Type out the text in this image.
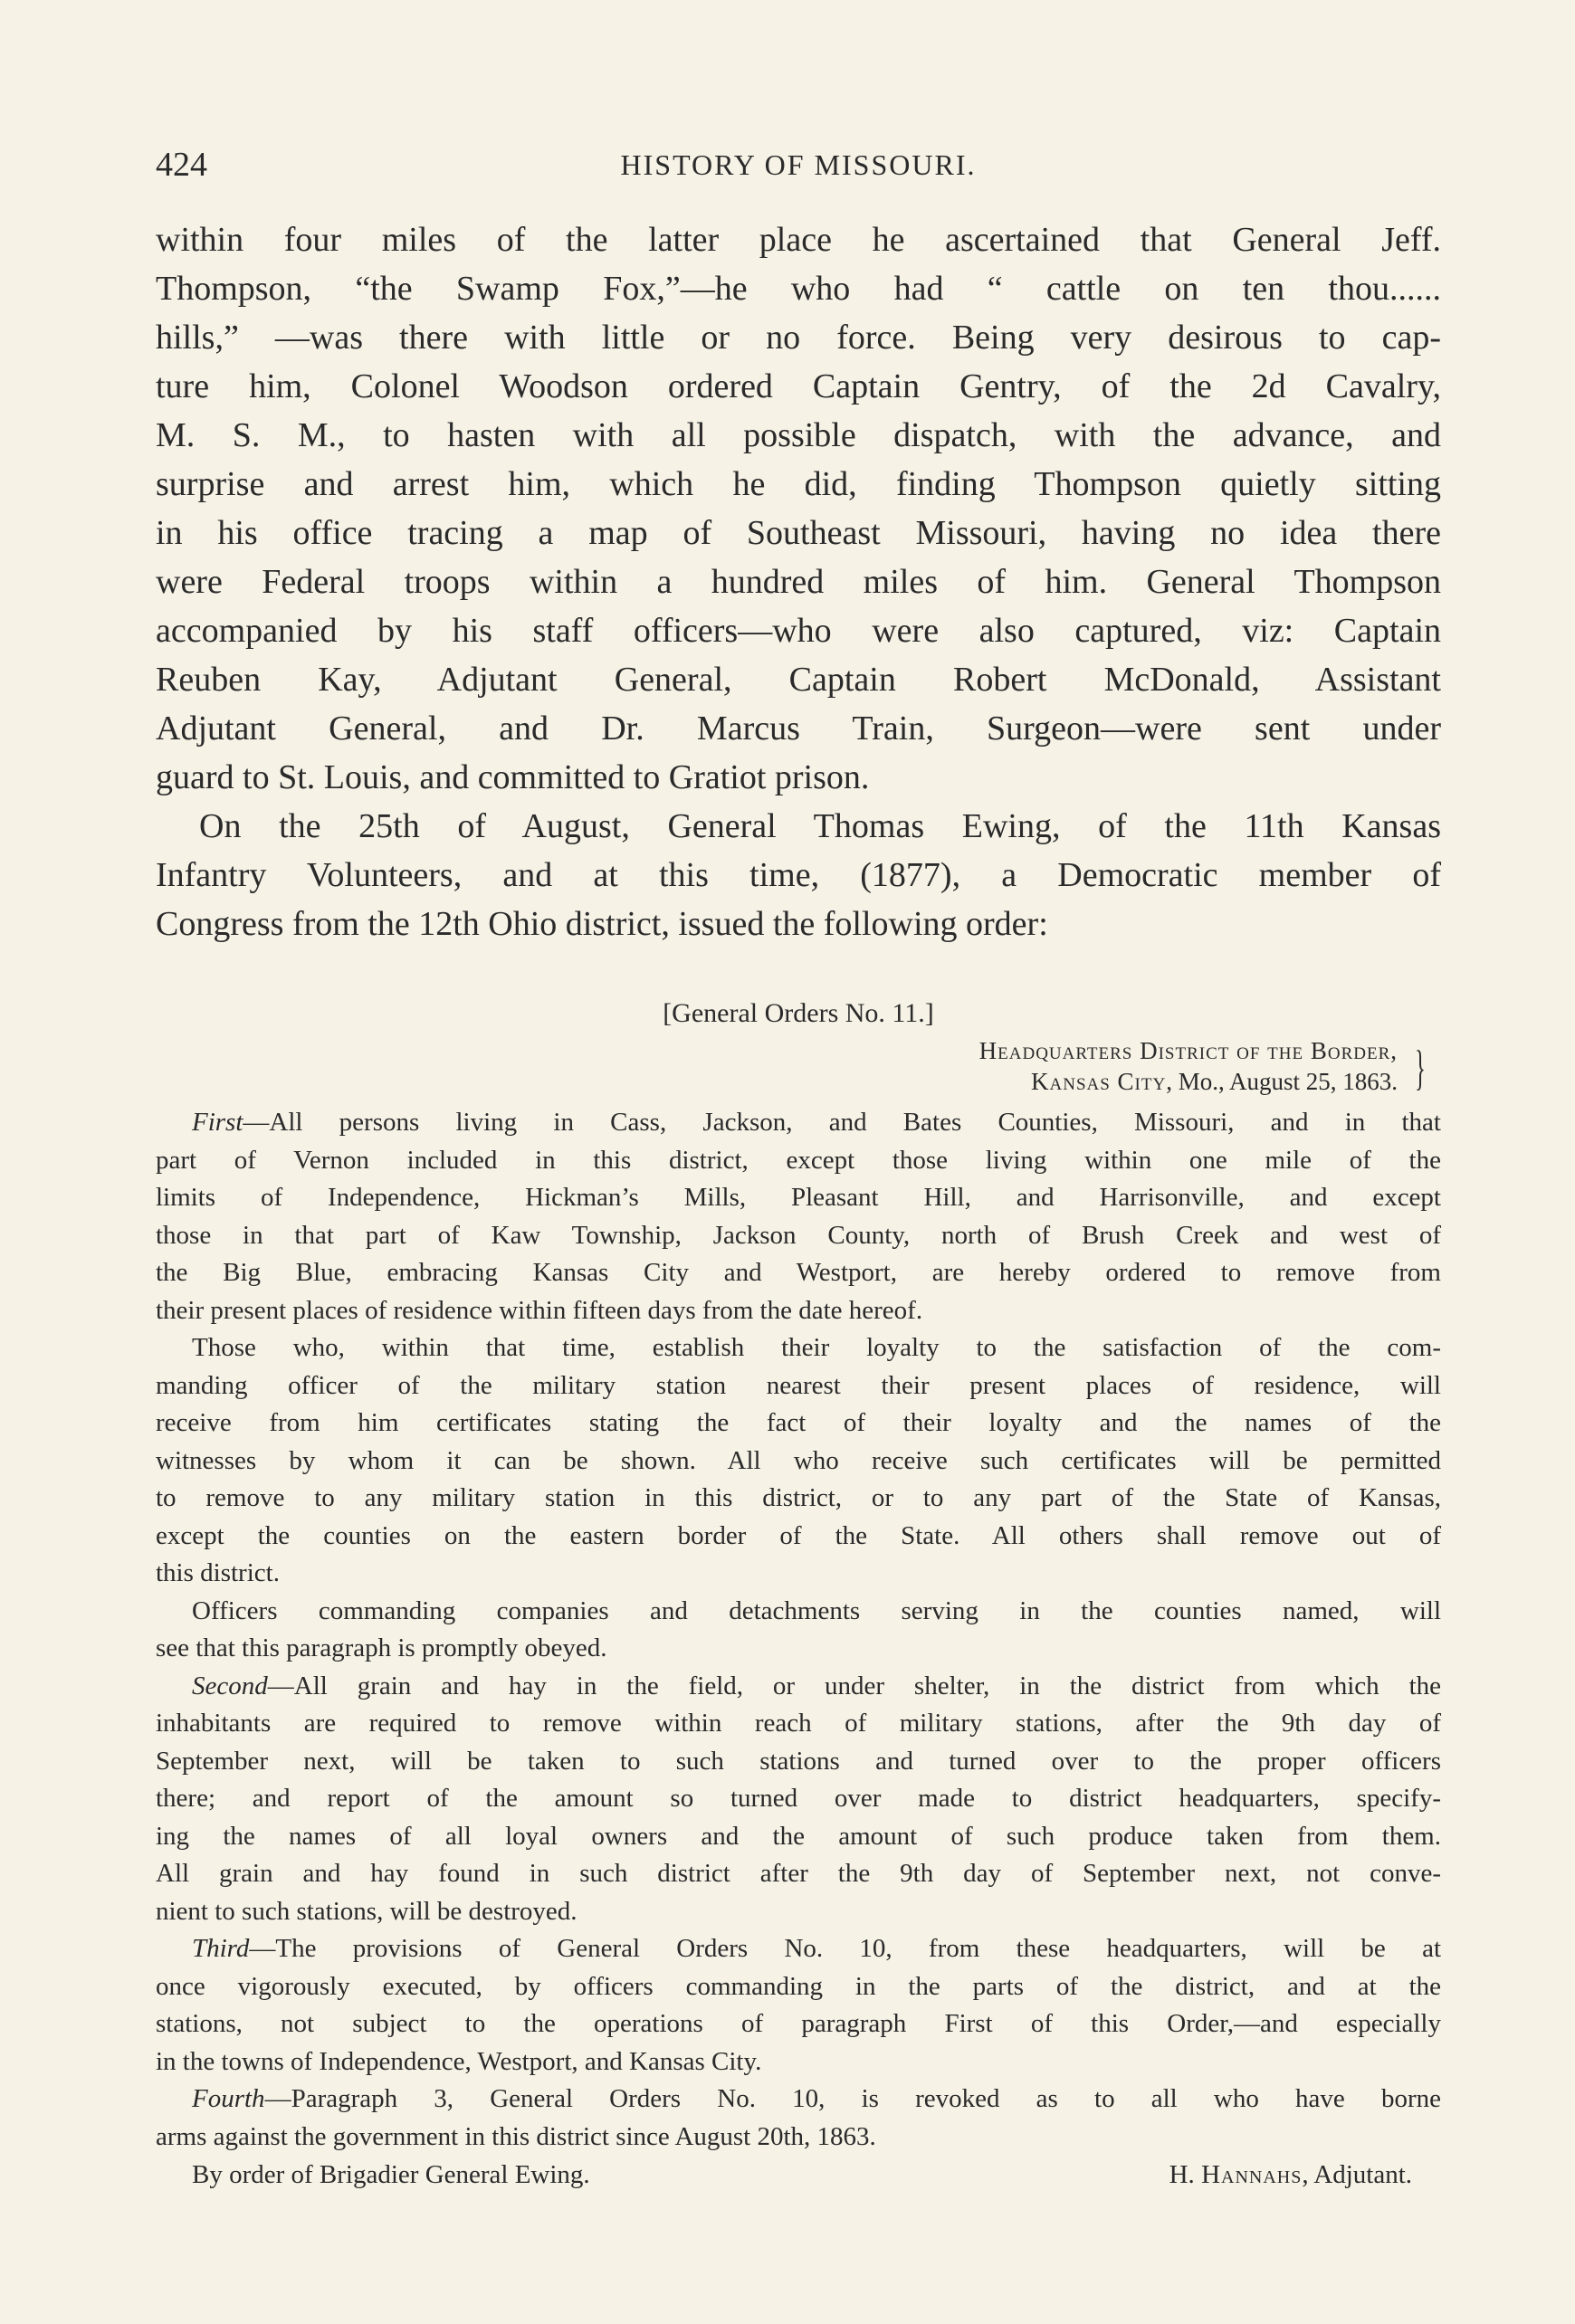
424	HISTORY OF MISSOURI.
within four miles of the latter place he ascertained that General Jeff.
Thompson, “the Swamp Fox,”—he who had “ cattle on ten thou......
hills,” —was there with little or no force. Being very desirous to cap-
ture him, Colonel Woodson ordered Captain Gentry, of the 2d Cavalry,
M. S. M., to hasten with all possible dispatch, with the advance, and
surprise and arrest him, which he did, finding Thompson quietly sitting
in his office tracing a map of Southeast Missouri, having no idea there
were Federal troops within a hundred miles of him. General Thompson
accompanied by his staff officers—who were also captured, viz: Captain
Reuben Kay, Adjutant General, Captain Robert McDonald, Assistant
Adjutant General, and Dr. Marcus Train, Surgeon—were sent under
guard to St. Louis, and committed to Gratiot prison.
On the 25th of August, General Thomas Ewing, of the 11th Kansas
Infantry Volunteers, and at this time, (1877), a Democratic member of
Congress from the 12th Ohio district, issued the following order:
[General Orders No. 11.]
Headquarters District of the Border,
Kansas City, Mo., August 25, 1863. }
First—All persons living in Cass, Jackson, and Bates Counties, Missouri, and in that
part of Vernon included in this district, except those living within one mile of the
limits of Independence, Hickman’s Mills, Pleasant Hill, and Harrisonville, and except
those in that part of Kaw Township, Jackson County, north of Brush Creek and west of
the Big Blue, embracing Kansas City and Westport, are hereby ordered to remove from
their present places of residence within fifteen days from the date hereof.
Those who, within that time, establish their loyalty to the satisfaction of the com-
manding officer of the military station nearest their present places of residence, will
receive from him certificates stating the fact of their loyalty and the names of the
witnesses by whom it can be shown. All who receive such certificates will be permitted
to remove to any military station in this district, or to any part of the State of Kansas,
except the counties on the eastern border of the State. All others shall remove out of
this district.
Officers commanding companies and detachments serving in the counties named, will
see that this paragraph is promptly obeyed.
Second—All grain and hay in the field, or under shelter, in the district from which the
inhabitants are required to remove within reach of military stations, after the 9th day of
September next, will be taken to such stations and turned over to the proper officers
there; and report of the amount so turned over made to district headquarters, specify-
ing the names of all loyal owners and the amount of such produce taken from them.
All grain and hay found in such district after the 9th day of September next, not conve-
nient to such stations, will be destroyed.
Third—The provisions of General Orders No. 10, from these headquarters, will be at
once vigorously executed, by officers commanding in the parts of the district, and at the
stations, not subject to the operations of paragraph First of this Order,—and especially
in the towns of Independence, Westport, and Kansas City.
Fourth—Paragraph 3, General Orders No. 10, is revoked as to all who have borne
arms against the government in this district since August 20th, 1863.
By order of Brigadier General Ewing.	H. Hannahs, Adjutant.
